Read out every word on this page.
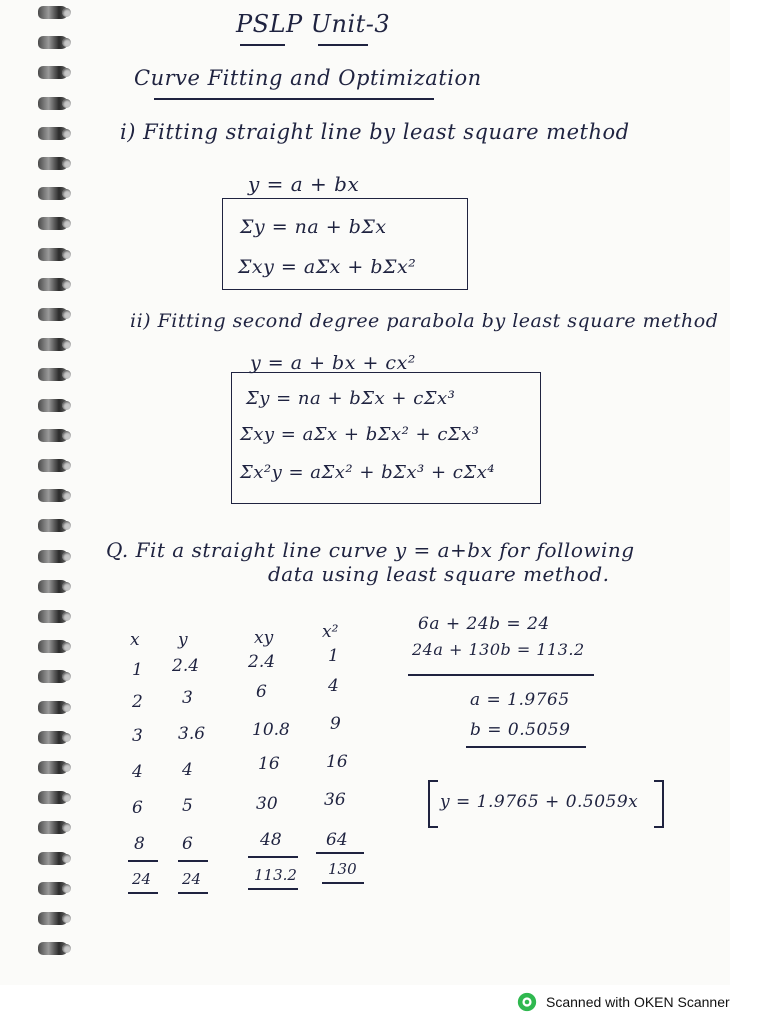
PSLP Unit-3
Curve Fitting and Optimization
i) Fitting straight line by least square method
y = a + bx
Σy = na + bΣx
Σxy = aΣx + bΣx²
ii) Fitting second degree parabola by least square method
y = a + bx + cx²
Σy = na + bΣx + cΣx³
Σxy = aΣx + bΣx² + cΣx³
Σx²y = aΣx² + bΣx³ + cΣx⁴
Q. Fit a straight line curve y = a+bx for following
data using least square method.
x y	xy	x²
1 2.4	2.4	1
2 3	6	4
3 3.6	10.8 9
4 4	16	16
6 5	30	36
8 6	48	64
24 24	113.2 130
6a + 24b = 24
24a + 130b = 113.2
a = 1.9765
b = 0.5059
y = 1.9765 + 0.5059x
Scanned with OKEN Scanner
